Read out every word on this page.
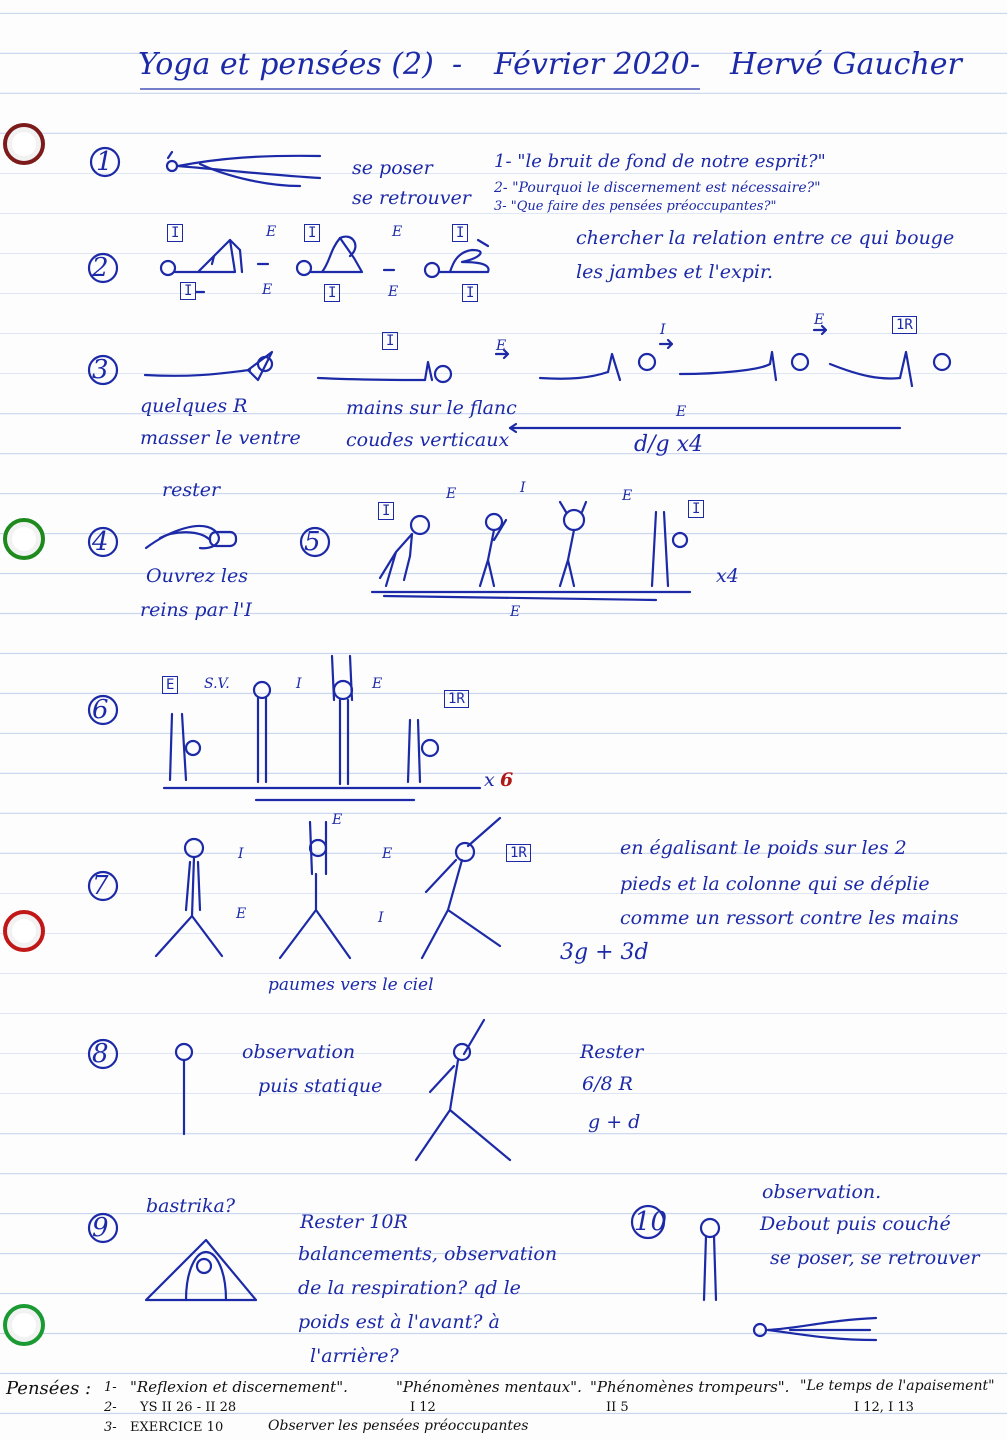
Yoga et pensées (2) - Février 2020 - Hervé Gaucher
1	se poser
se retrouver
1- "le bruit de fond de notre esprit?"
2- "Pourquoi le discernement est nécessaire?"
3- "Que faire des pensées préoccupantes?"
2
I	E I	E	I
I	E	I	E	I
chercher la relation entre ce qui bouge
les jambes et l'expir.
3
quelques R
masser le ventre
mains sur le flanc
coudes verticaux
I	E
I
E	1R
E
d/g x4
rester
4
Ouvrez les
reins par l'I
5
I
E	I	E
I
E
x4
6
E S.V.	I	E
1R
x 6
7
I
E
E	1R
E	I
en égalisant le poids sur les 2
pieds et la colonne qui se déplie
comme un ressort contre les mains
3g + 3d
paumes vers le ciel
8	observation
puis statique
Rester
6/8 R
g + d
9
bastrika?
Rester 10R
balancements, observation
de la respiration? qd le
poids est à l'avant? à
l'arrière?
10
observation.
Debout puis couché
se poser, se retrouver
Pensées : 1- "Reflexion et discernement".	"Phénomènes mentaux". "Phénomènes trompeurs". "Le temps de l'apaisement"
2- YS II 26 - II 28	I 12	II 5	I 12, I 13
3- EXERCICE 10	Observer les pensées préoccupantes
